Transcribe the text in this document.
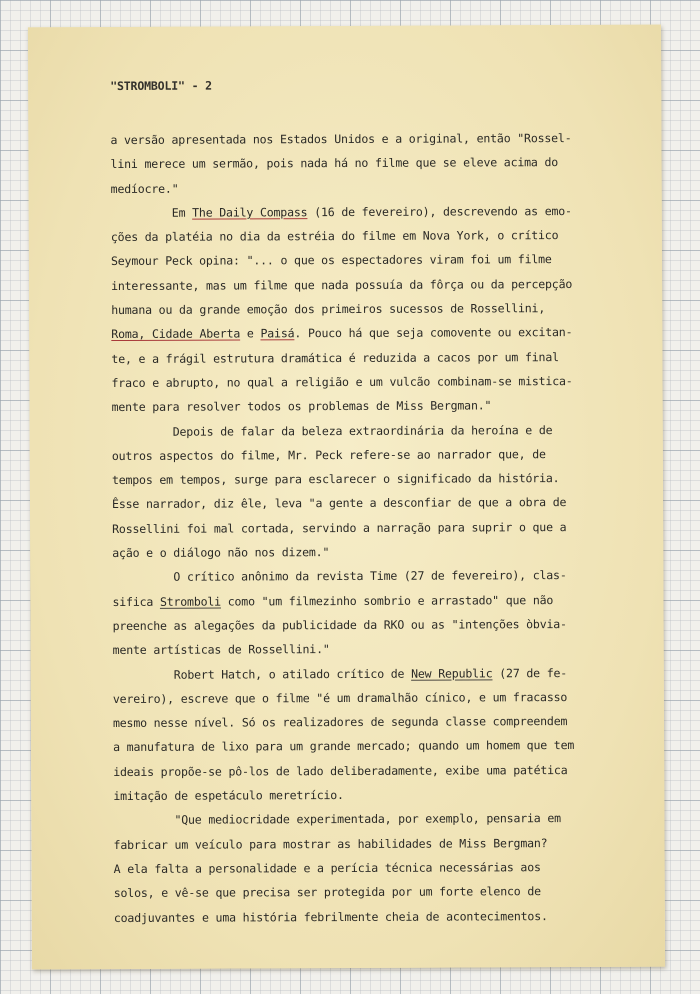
"STROMBOLI" - 2
a versão apresentada nos Estados Unidos e a original, então "Rossel-
lini merece um sermão, pois nada há no filme que se eleve acima do
medíocre."
Em The Daily Compass (16 de fevereiro), descrevendo as emo-
ções da platéia no dia da estréia do filme em Nova York, o crítico
Seymour Peck opina: "... o que os espectadores viram foi um filme
interessante, mas um filme que nada possuía da fôrça ou da percepção
humana ou da grande emoção dos primeiros sucessos de Rossellini,
Roma, Cidade Aberta e Paisá. Pouco há que seja comovente ou excitan-
te, e a frágil estrutura dramática é reduzida a cacos por um final
fraco e abrupto, no qual a religião e um vulcão combinam-se misticа-
mente para resolver todos os problemas de Miss Bergman."
Depois de falar da beleza extraordinária da heroína e de
outros aspectos do filme, Mr. Peck refere-se ao narrador que, de
tempos em tempos, surge para esclarecer o significado da história.
Êsse narrador, diz êle, leva "a gente a desconfiar de que a obra de
Rossellini foi mal cortada, servindo a narração para suprir o que a
ação e o diálogo não nos dizem."
O crítico anônimo da revista Time (27 de fevereiro), clas-
sifica Stromboli como "um filmezinho sombrio e arrastado" que não
preenche as alegações da publicidade da RKO ou as "intenções òbvia-
mente artísticas de Rossellini."
Robert Hatch, o atilado crítico de New Republic (27 de fe-
vereiro), escreve que o filme "é um dramalhão cínico, e um fracasso
mesmo nesse nível. Só os realizadores de segunda classe compreendem
a manufatura de lixo para um grande mercado; quando um homem que tem
ideais propõe-se pô-los de lado deliberadamente, exibe uma patética
imitação de espetáculo meretrício.
"Que mediocridade experimentada, por exemplo, pensaria em
fabricar um veículo para mostrar as habilidades de Miss Bergman?
A ela falta a personalidade e a perícia técnica necessárias aos
solos, e vê-se que precisa ser protegida por um forte elenco de
coadjuvantes e uma história febrilmente cheia de acontecimentos.
